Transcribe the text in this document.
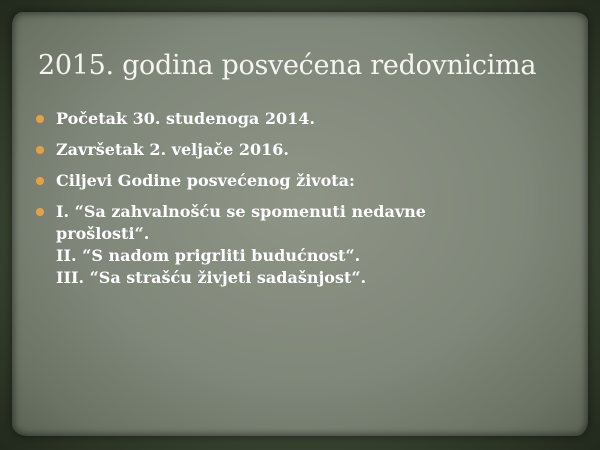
2015. godina posvećena redovnicima
Početak 30. studenoga 2014.
Završetak 2. veljače 2016.
Ciljevi Godine posvećenog života:
I. “Sa zahvalnošću se spomenuti nedavne
prošlosti“.
II. “S nadom prigrliti budućnost“.
III. “Sa strašću živjeti sadašnjost“.
